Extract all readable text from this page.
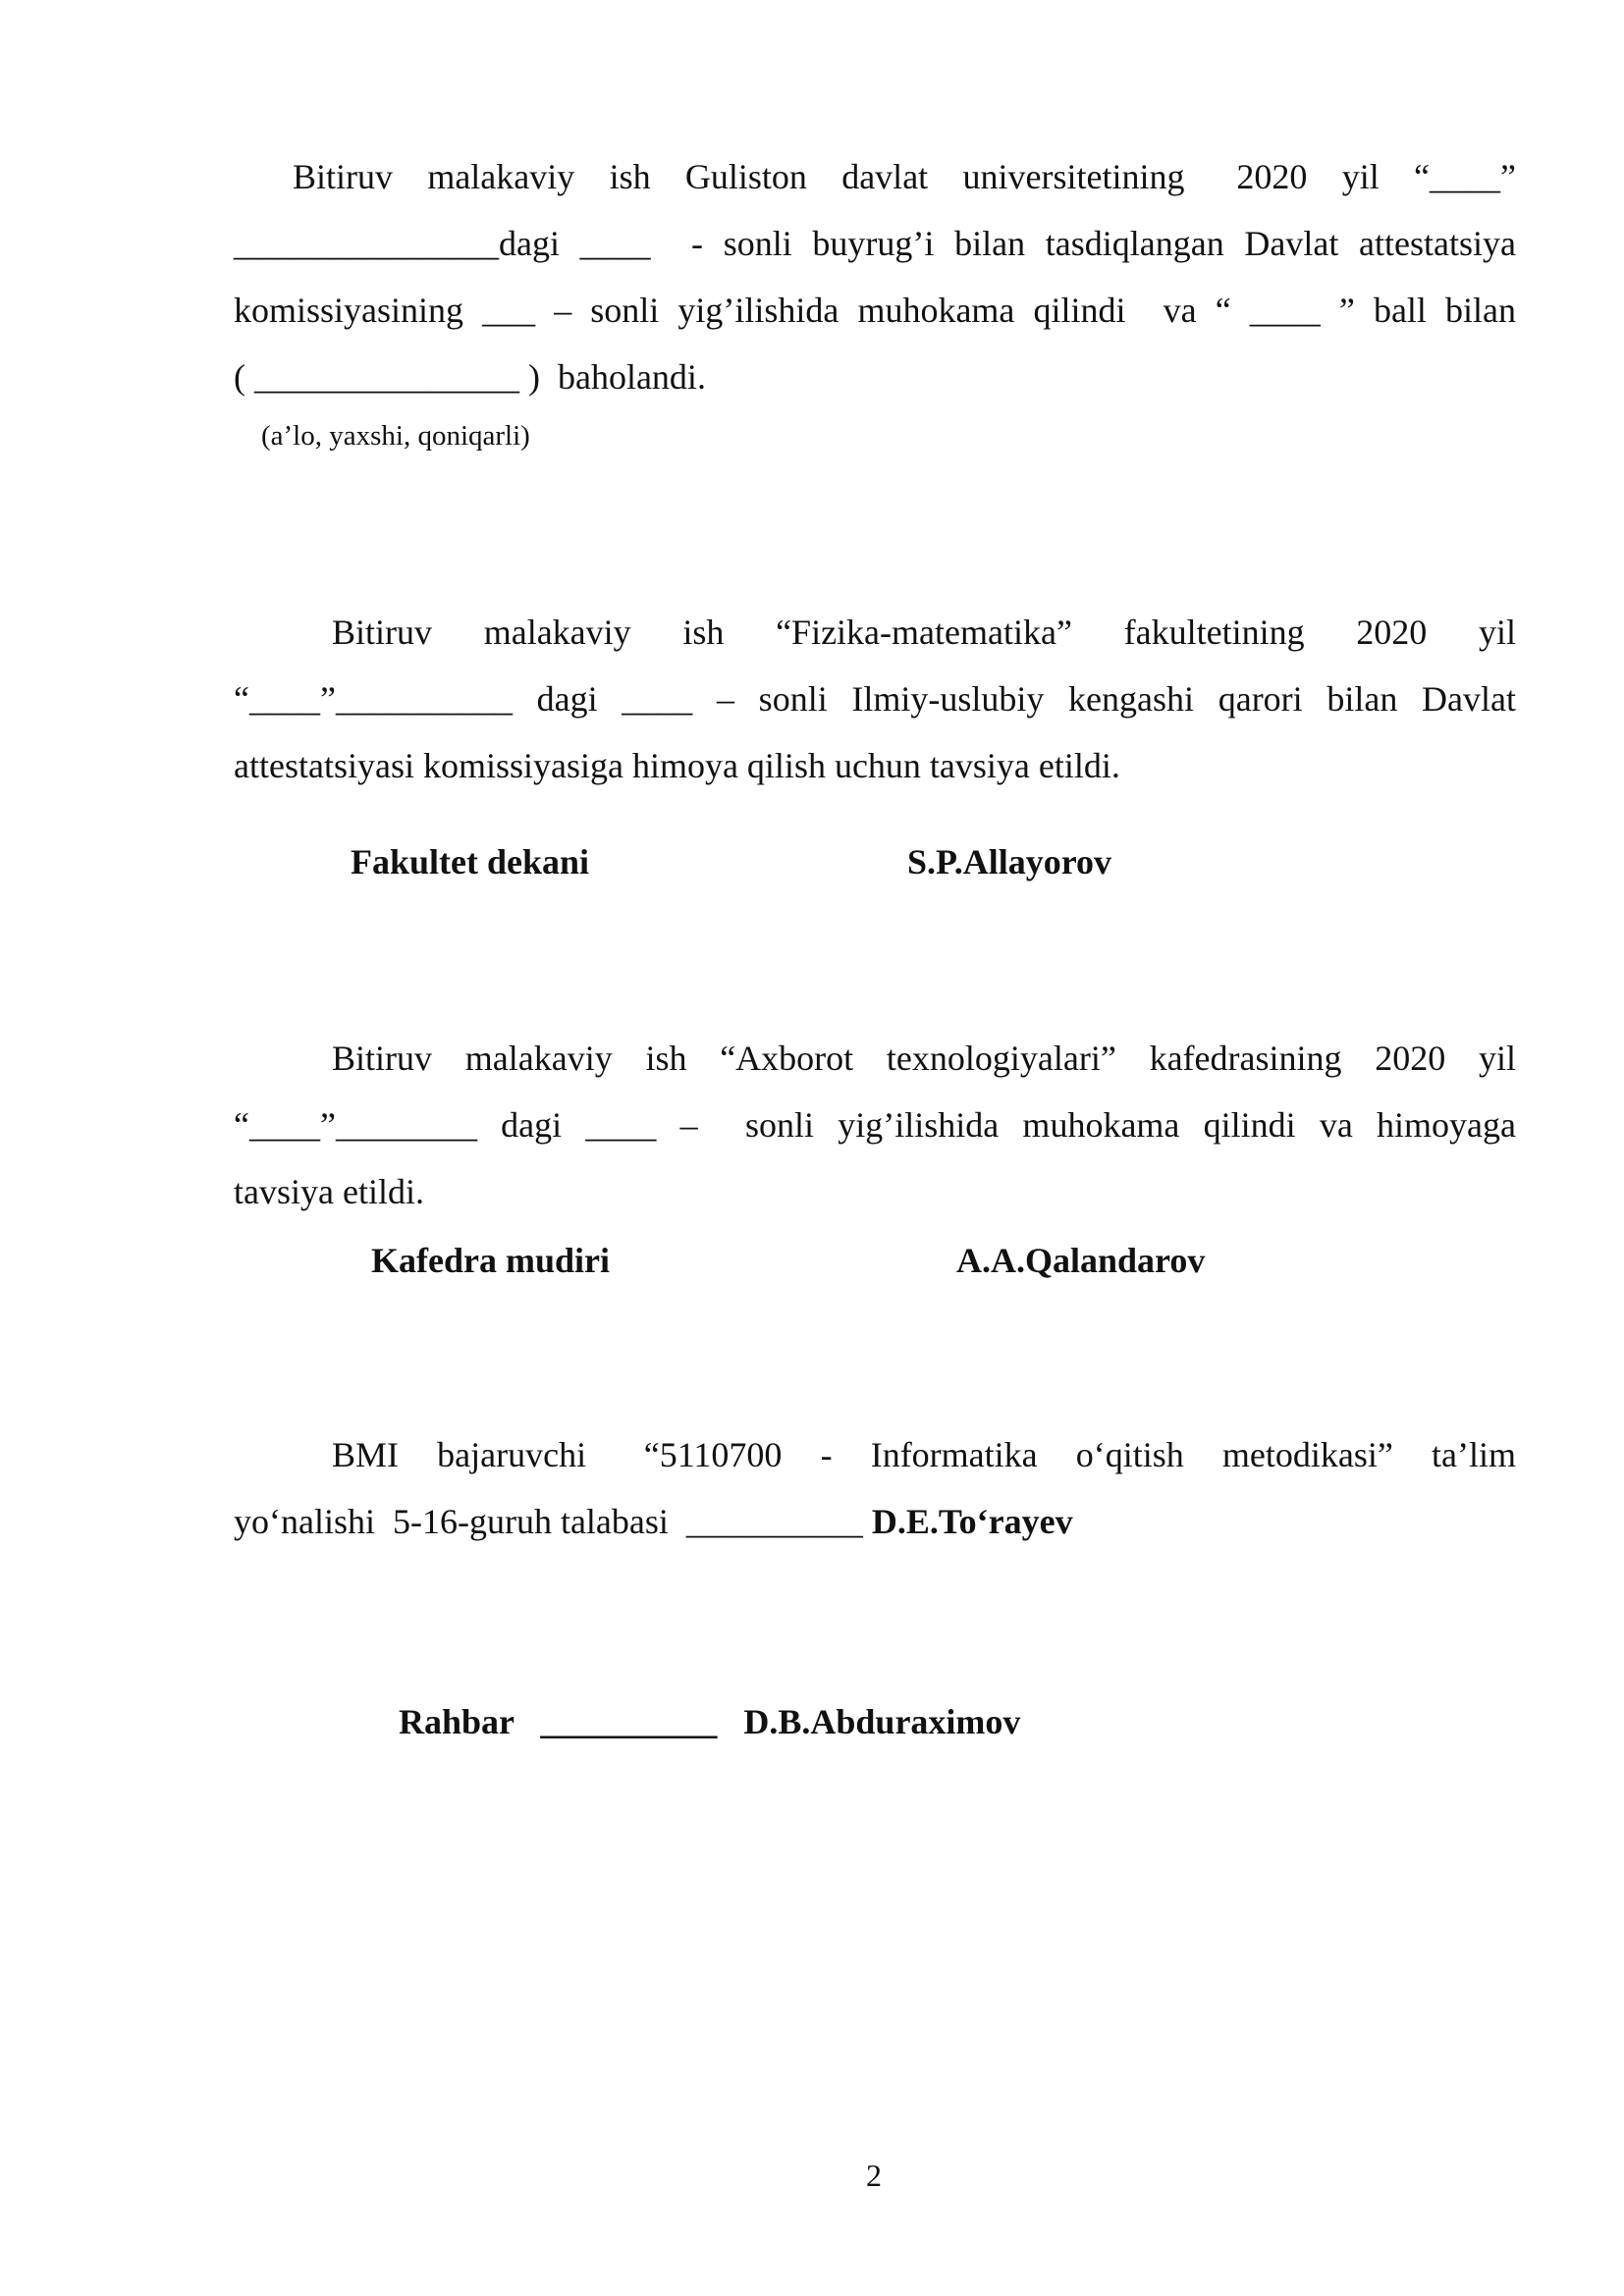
Bitiruv  malakaviy  ish  Guliston  davlat  universitetining   2020  yil  “____”
_______________dagi ____  - sonli buyrug’i bilan tasdiqlangan Davlat attestatsiya
komissiyasining ___ – sonli yig’ilishida muhokama qilindi  va “ ____ ” ball bilan
( _______________ )  baholandi.
(a’lo, yaxshi, qoniqarli)
Bitiruv   malakaviy   ish   “Fizika-matematika”   fakultetining   2020   yil
“____”__________ dagi ____ – sonli Ilmiy-uslubiy kengashi qarori bilan Davlat
attestatsiyasi komissiyasiga himoya qilish uchun tavsiya etildi.
Fakultet dekani	S.P.Allayorov
Bitiruv  malakaviy  ish  “Axborot  texnologiyalari”  kafedrasining  2020  yil
“____”________ dagi ____ –  sonli yig’ilishida muhokama qilindi va himoyaga
tavsiya etildi.
Kafedra mudiri	A.A.Qalandarov
BMI  bajaruvchi   “5110700  -  Informatika  o‘qitish  metodikasi”  ta’lim
yo‘nalishi  5-16-guruh talabasi  __________ D.E.To‘rayev
Rahbar __________ D.B.Abduraximov
2
